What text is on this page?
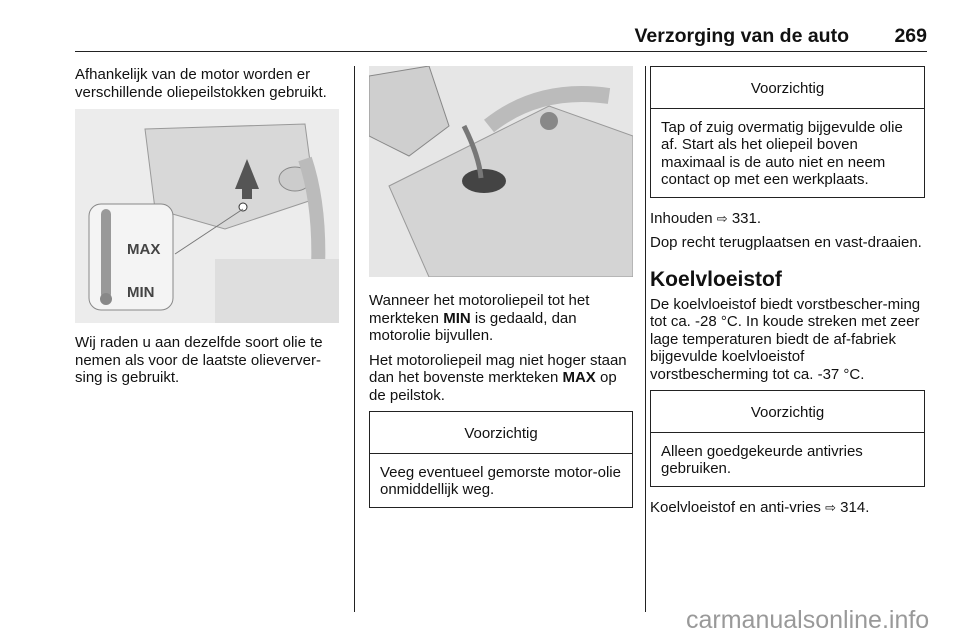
Verzorging van de auto 269

Afhankelijk van de motor worden er verschillende oliepeilstokken gebruikt.

MAX
MIN

Wij raden u aan dezelfde soort olie te nemen als voor de laatste olieverver-sing is gebruikt.

Wanneer het motoroliepeil tot het merkteken MIN is gedaald, dan motorolie bijvullen.

Het motoroliepeil mag niet hoger staan dan het bovenste merkteken MAX op de peilstok.

Voorzichtig
Veeg eventueel gemorste motor-olie onmiddellijk weg.
Voorzichtig
Tap of zuig overmatig bijgevulde olie af. Start als het oliepeil boven maximaal is de auto niet en neem contact op met een werkplaats.

Inhouden ⇨ 331.

Dop recht terugplaatsen en vast-draaien.

Koelvloeistof

De koelvloeistof biedt vorstbescher-ming tot ca. -28 °C. In koude streken met zeer lage temperaturen biedt de af-fabriek bijgevulde koelvloeistof vorstbescherming tot ca. -37 °C.

Voorzichtig
Alleen goedgekeurde antivries gebruiken.

Koelvloeistof en anti-vries ⇨ 314.

carmanualsonline.info
